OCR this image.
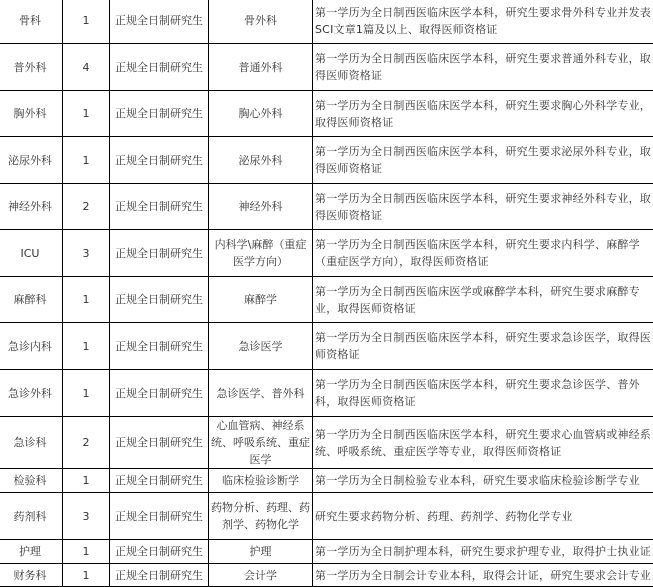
骨科	1	正规全日制研究生	骨外科	第一学历为全日制西医临床医学本科，研究生要求骨外科专业并发表SCI文章1篇及以上、取得医师资格证
普外科	4	正规全日制研究生	普通外科	第一学历为全日制西医临床医学本科，研究生要求普通外科专业，取得医师资格证
胸外科	1	正规全日制研究生	胸心外科	第一学历为全日制西医临床医学本科，研究生要求胸心外科学专业，取得医师资格证
泌尿外科	1	正规全日制研究生	泌尿外科	第一学历为全日制西医临床医学本科，研究生要求泌尿外科专业，取得医师资格证
神经外科	2	正规全日制研究生	神经外科	第一学历为全日制西医临床医学本科，研究生要求神经外科专业，取得医师资格证
ICU	3	正规全日制研究生	内科学\麻醉（重症医学方向）	第一学历为全日制西医临床医学本科，研究生要求内科学、麻醉学（重症医学方向），取得医师资格证
麻醉科	1	正规全日制研究生	麻醉学	第一学历为全日制西医临床医学或麻醉学本科，研究生要求麻醉专业，取得医师资格证
急诊内科	1	正规全日制研究生	急诊医学	第一学历为全日制西医临床医学本科，研究生要求急诊医学，取得医师资格证
急诊外科	1	正规全日制研究生	急诊医学、普外科	第一学历为全日制西医临床医学本科，研究生要求急诊医学、普外科，取得医师资格证
急诊科	2	正规全日制研究生	心血管病、神经系统、呼吸系统、重症医学	第一学历为全日制西医临床医学本科，研究生要求心血管病或神经系统、呼吸系统、重症医学等专业，取得医师资格证
检验科	1	正规全日制研究生	临床检验诊断学	第一学历为全日制检验专业本科，研究生要求临床检验诊断学专业
药剂科	3	正规全日制研究生	药物分析、药理、药剂学、药物化学	研究生要求药物分析、药理、药剂学、药物化学专业
护理	1	正规全日制研究生	护理	第一学历为全日制护理本科，研究生要求护理专业，取得护士执业证
财务科	1	正规全日制研究生	会计学	第一学历为全日制会计专业本科，取得会计证，研究生要求会计专业
